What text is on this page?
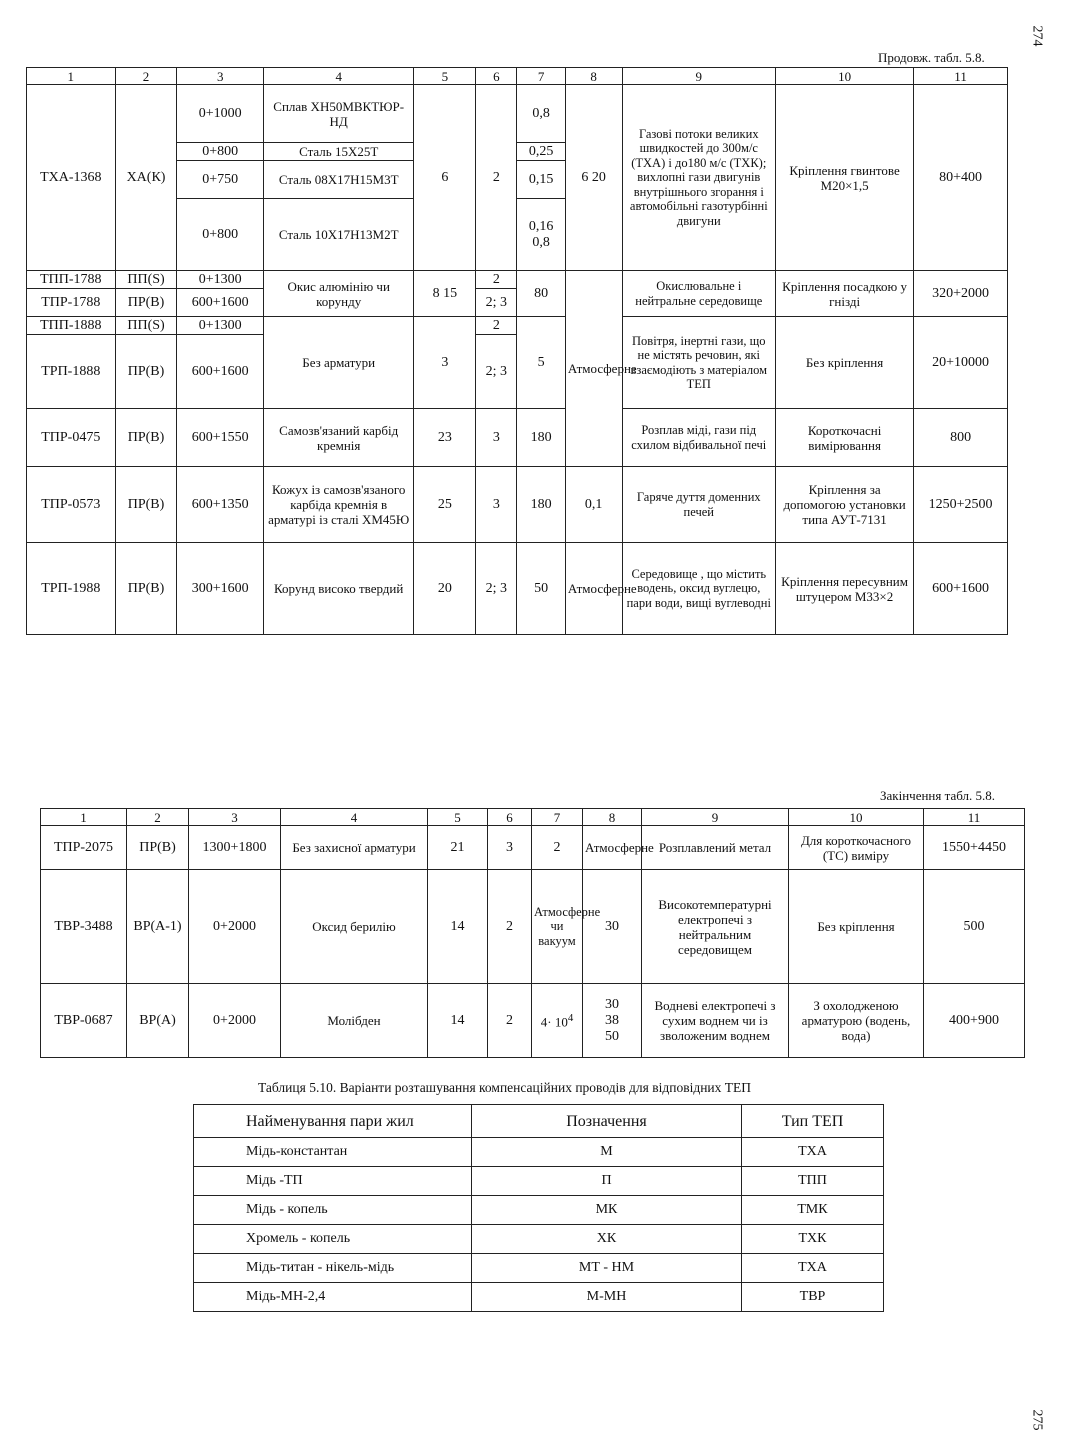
274
275
Продовж. табл. 5.8.
1	2	3	4	5	6	7	8	9	10	11
ТХА-1368	ХА(К)	0+1000	Сплав ХН50МВКТЮР-НД	6	2	0,8	6 20	Газові потоки великих швидкостей до 300м/с (ТХА) і до180 м/с (ТХК); вихлопні гази двигунів внутрішнього згорання і автомобільні газотурбінні двигуни	Кріплення гвинтове М20×1,5	80+400
		0+800	Сталь 15Х25Т			0,25				
		0+750	Сталь 08Х17Н15М3Т			0,15				
		0+800	Сталь 10Х17Н13М2Т			0,16 0,8				
ТПП-1788	ПП(S)	0+1300	Окис алюмінію чи корунду	8 15	2	80	Атмосферне	Окислювальне і нейтральне середовище	Кріплення посадкою у гнізді	320+2000
ТПР-1788	ПР(В)	600+1600			2; 3					
ТПП-1888	ПП(S)	0+1300	Без арматури	3	2	5		Повітря, інертні гази, що не містять речовин, які взаємодіють з матеріалом ТЕП	Без кріплення	20+10000
ТРП-1888	ПР(В)	600+1600			2; 3					
ТПР-0475	ПР(В)	600+1550	Самозв'язаний карбід кремнія	23	3	180		Розплав міді, гази під схилом відбивальної печі	Короткочасні вимірювання	800
ТПР-0573	ПР(В)	600+1350	Кожух із самозв'язаного карбіда кремнія в арматурі із сталі ХМ45Ю	25	3	180	0,1	Гаряче дуття доменних печей	Кріплення за допомогою установки типа АУТ-7131	1250+2500
ТРП-1988	ПР(В)	300+1600	Корунд високо твердий	20	2; 3	50	Атмосферне	Середовище , що містить водень, оксид вуглецю, пари води, вищі вуглеводні	Кріплення пересувним штуцером М33×2	600+1600
Закінчення табл. 5.8.
1	2	3	4	5	6	7	8	9	10	11
ТПР-2075	ПР(В)	1300+1800	Без захисної арматури	21	3	2	Атмосферне	Розплавлений метал	Для короткочасного (ТС) виміру	1550+4450
ТВР-3488	ВР(А-1)	0+2000	Оксид берилію	14	2	Атмосферне чи вакуум	30	Високотемпературні електропечі з нейтральним середовищем	Без кріплення	500
ТВР-0687	ВР(А)	0+2000	Молібден	14	2	$4\cdot 10^4$	30 38 50	Водневі електропечі з сухим воднем чи із зволоженим воднем	З охолодженою арматурою (водень, вода)	400+900
Таблиця 5.10. Варіанти розташування компенсаційних проводів для відповідних ТЕП
Найменування пари жил	Позначення	Тип ТЕП
Мідь-константан	М	ТХА
Мідь -ТП	П	ТПП
Мідь - копель	МК	ТМК
Хромель - копель	ХК	ТХК
Мідь-титан - нікель-мідь	МТ - НМ	ТХА
Мідь-МН-2,4	М-МН	ТВР
